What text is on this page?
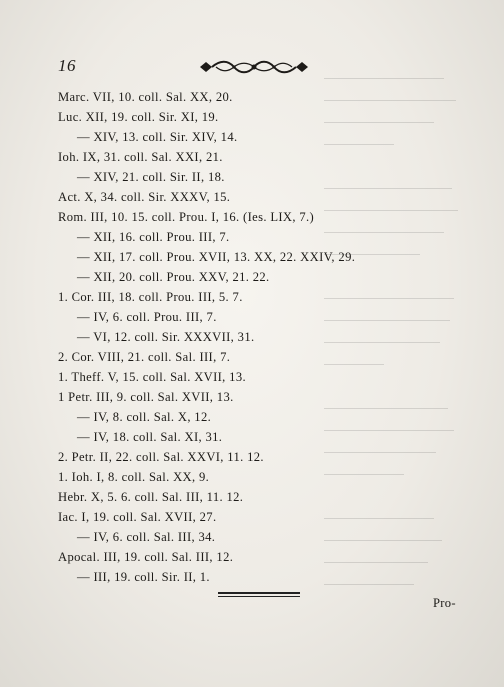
16
Marc. VII, 10. coll. Sal. XX, 20.
Luc. XII, 19. coll. Sir. XI, 19.
— XIV, 13. coll. Sir. XIV, 14.
Ioh. IX, 31. coll. Sal. XXI, 21.
— XIV, 21. coll. Sir. II, 18.
Act. X, 34. coll. Sir. XXXV, 15.
Rom. III, 10. 15. coll. Prou. I, 16. (Ies. LIX, 7.)
— XII, 16. coll. Prou. III, 7.
— XII, 17. coll. Prou. XVII, 13. XX, 22. XXIV, 29.
— XII, 20. coll. Prou. XXV, 21. 22.
1. Cor. III, 18. coll. Prou. III, 5. 7.
— IV, 6. coll. Prou. III, 7.
— VI, 12. coll. Sir. XXXVII, 31.
2. Cor. VIII, 21. coll. Sal. III, 7.
1. Theff. V, 15. coll. Sal. XVII, 13.
1 Petr. III, 9. coll. Sal. XVII, 13.
— IV, 8. coll. Sal. X, 12.
— IV, 18. coll. Sal. XI, 31.
2. Petr. II, 22. coll. Sal. XXVI, 11. 12.
1. Ioh. I, 8. coll. Sal. XX, 9.
Hebr. X, 5. 6. coll. Sal. III, 11. 12.
Iac. I, 19. coll. Sal. XVII, 27.
— IV, 6. coll. Sal. III, 34.
Apocal. III, 19. coll. Sal. III, 12.
— III, 19. coll. Sir. II, 1.
Pro-
